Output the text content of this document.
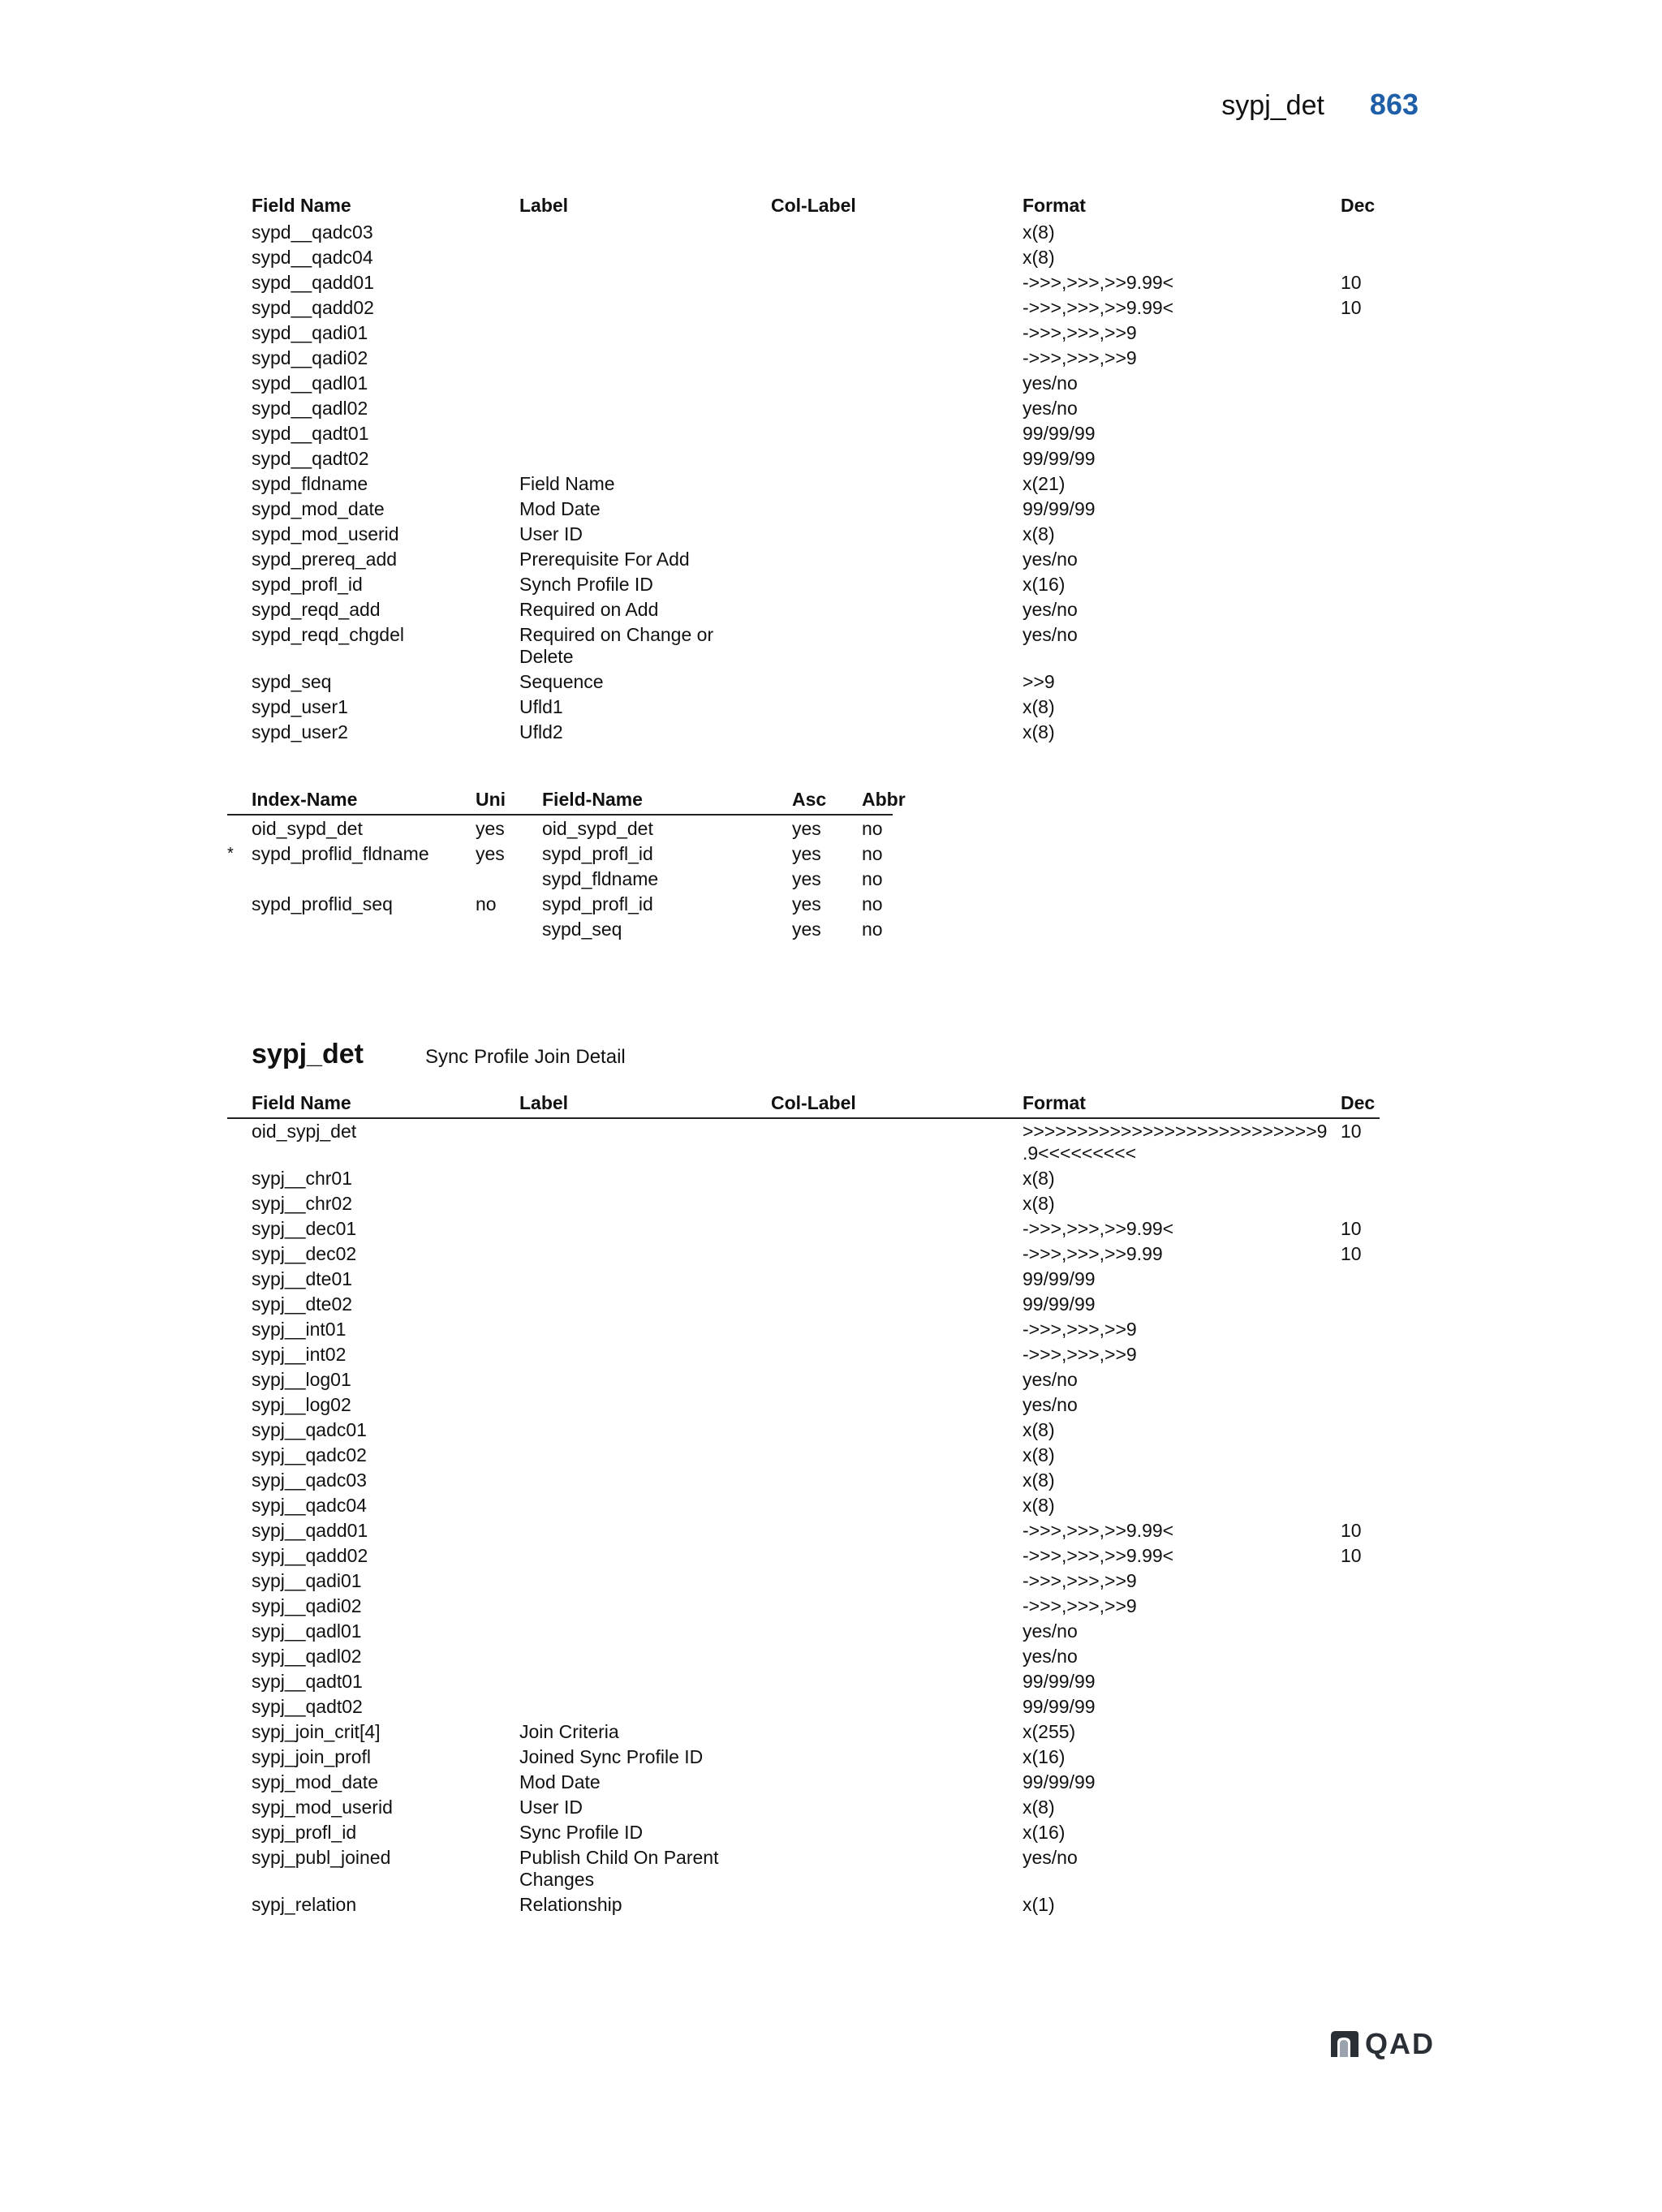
sypj_det 863
Field Name	Label	Col-Label	Format	Dec
sypd__qadc03			x(8)	
sypd__qadc04			x(8)	
sypd__qadd01			->>>,>>>,>>9.99<	10
sypd__qadd02			->>>,>>>,>>9.99<	10
sypd__qadi01			->>>,>>>,>>9	
sypd__qadi02			->>>,>>>,>>9	
sypd__qadl01			yes/no	
sypd__qadl02			yes/no	
sypd__qadt01			99/99/99	
sypd__qadt02			99/99/99	
sypd_fldname	Field Name		x(21)	
sypd_mod_date	Mod Date		99/99/99	
sypd_mod_userid	User ID		x(8)	
sypd_prereq_add	Prerequisite For Add		yes/no	
sypd_profl_id	Synch Profile ID		x(16)	
sypd_reqd_add	Required on Add		yes/no	
sypd_reqd_chgdel	Required on Change or Delete		yes/no	
sypd_seq	Sequence		>>9	
sypd_user1	Ufld1		x(8)	
sypd_user2	Ufld2		x(8)	
Index-Name	Uni	Field-Name	Asc	Abbr
oid_sypd_det	yes	oid_sypd_det	yes	no

* sypd_proflid_fldname	yes	sypd_profl_id	yes	no
		sypd_fldname	yes	no
sypd_proflid_seq	no	sypd_profl_id	yes	no
		sypd_seq	yes	no
sypj_det	Sync Profile Join Detail
Field Name	Label	Col-Label	Format	Dec
oid_sypj_det			>>>>>>>>>>>>>>>>>>>>>>>>>>>9 .9<<<<<<<<<	10
sypj__chr01			x(8)	
sypj__chr02			x(8)	
sypj__dec01			->>>,>>>,>>9.99<	10
sypj__dec02			->>>,>>>,>>9.99	10
sypj__dte01			99/99/99	
sypj__dte02			99/99/99	
sypj__int01			->>>,>>>,>>9	
sypj__int02			->>>,>>>,>>9	
sypj__log01			yes/no	
sypj__log02			yes/no	
sypj__qadc01			x(8)	
sypj__qadc02			x(8)	
sypj__qadc03			x(8)	
sypj__qadc04			x(8)	
sypj__qadd01			->>>,>>>,>>9.99<	10
sypj__qadd02			->>>,>>>,>>9.99<	10
sypj__qadi01			->>>,>>>,>>9	
sypj__qadi02			->>>,>>>,>>9	
sypj__qadl01			yes/no	
sypj__qadl02			yes/no	
sypj__qadt01			99/99/99	
sypj__qadt02			99/99/99	
sypj_join_crit[4]	Join Criteria		x(255)	
sypj_join_profl	Joined Sync Profile ID		x(16)	
sypj_mod_date	Mod Date		99/99/99	
sypj_mod_userid	User ID		x(8)	
sypj_profl_id	Sync Profile ID		x(16)	
sypj_publ_joined	Publish Child On Parent Changes		yes/no	
sypj_relation	Relationship		x(1)	
QAD
